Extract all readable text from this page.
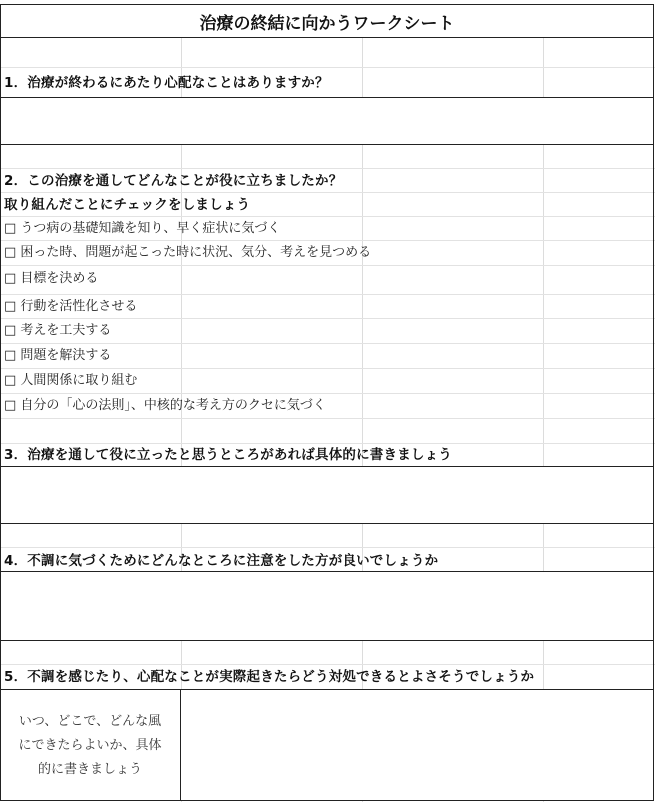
治療の終結に向かうワークシート
1．治療が終わるにあたり心配なことはありますか？
2．この治療を通してどんなことが役に立ちましたか？
取り組んだことにチェックをしましょう
□ うつ病の基礎知識を知り、早く症状に気づく
□ 困った時、問題が起こった時に状況、気分、考えを見つめる
□ 目標を決める
□ 行動を活性化させる
□ 考えを工夫する
□ 問題を解決する
□ 人間関係に取り組む
□ 自分の「心の法則」、中核的な考え方のクセに気づく
3．治療を通して役に立ったと思うところがあれば具体的に書きましょう
4．不調に気づくためにどんなところに注意をした方が良いでしょうか
5．不調を感じたり、心配なことが実際起きたらどう対処できるとよさそうでしょうか
いつ、どこで、どんな風
にできたらよいか、具体
的に書きましょう
